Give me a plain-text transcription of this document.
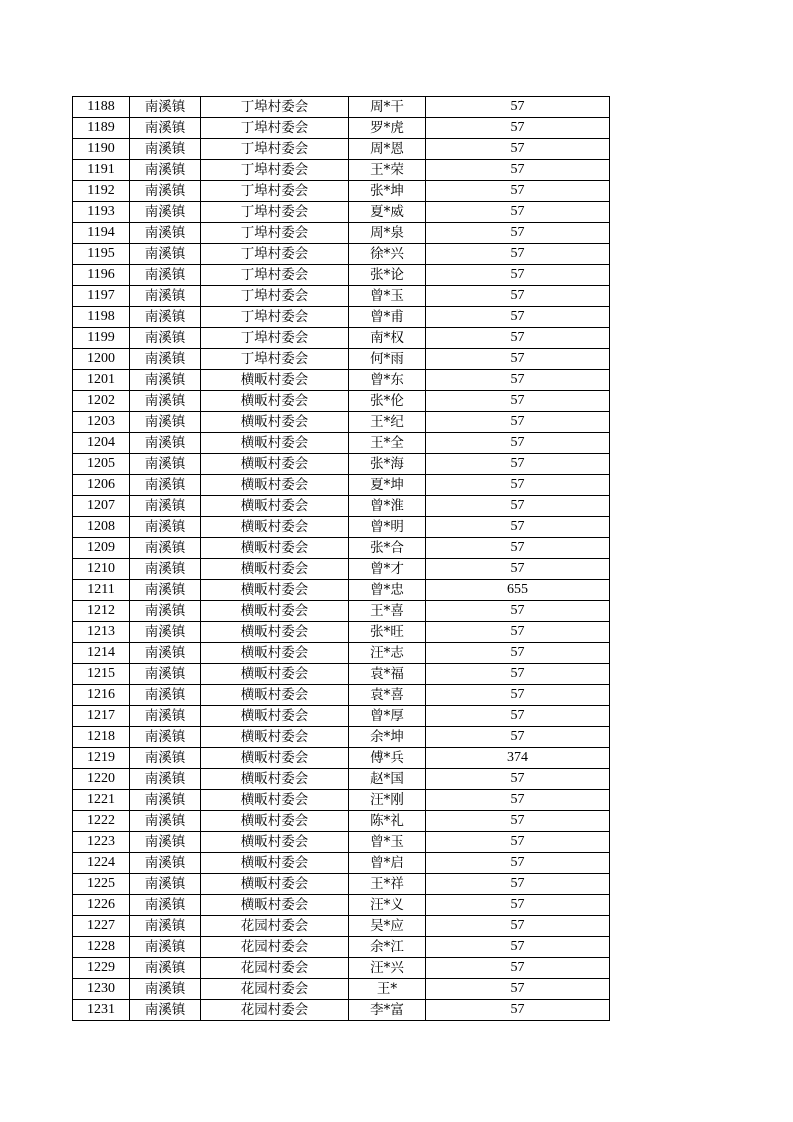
1188	南溪镇	丁埠村委会	周*干	57
1189	南溪镇	丁埠村委会	罗*虎	57
1190	南溪镇	丁埠村委会	周*恩	57
1191	南溪镇	丁埠村委会	王*荣	57
1192	南溪镇	丁埠村委会	张*坤	57
1193	南溪镇	丁埠村委会	夏*威	57
1194	南溪镇	丁埠村委会	周*泉	57
1195	南溪镇	丁埠村委会	徐*兴	57
1196	南溪镇	丁埠村委会	张*论	57
1197	南溪镇	丁埠村委会	曾*玉	57
1198	南溪镇	丁埠村委会	曾*甫	57
1199	南溪镇	丁埠村委会	南*权	57
1200	南溪镇	丁埠村委会	何*雨	57
1201	南溪镇	横畈村委会	曾*东	57
1202	南溪镇	横畈村委会	张*伦	57
1203	南溪镇	横畈村委会	王*纪	57
1204	南溪镇	横畈村委会	王*全	57
1205	南溪镇	横畈村委会	张*海	57
1206	南溪镇	横畈村委会	夏*坤	57
1207	南溪镇	横畈村委会	曾*淮	57
1208	南溪镇	横畈村委会	曾*明	57
1209	南溪镇	横畈村委会	张*合	57
1210	南溪镇	横畈村委会	曾*才	57
1211	南溪镇	横畈村委会	曾*忠	655
1212	南溪镇	横畈村委会	王*喜	57
1213	南溪镇	横畈村委会	张*旺	57
1214	南溪镇	横畈村委会	汪*志	57
1215	南溪镇	横畈村委会	袁*福	57
1216	南溪镇	横畈村委会	袁*喜	57
1217	南溪镇	横畈村委会	曾*厚	57
1218	南溪镇	横畈村委会	余*坤	57
1219	南溪镇	横畈村委会	傅*兵	374
1220	南溪镇	横畈村委会	赵*国	57
1221	南溪镇	横畈村委会	汪*刚	57
1222	南溪镇	横畈村委会	陈*礼	57
1223	南溪镇	横畈村委会	曾*玉	57
1224	南溪镇	横畈村委会	曾*启	57
1225	南溪镇	横畈村委会	王*祥	57
1226	南溪镇	横畈村委会	汪*义	57
1227	南溪镇	花园村委会	吴*应	57
1228	南溪镇	花园村委会	余*江	57
1229	南溪镇	花园村委会	汪*兴	57
1230	南溪镇	花园村委会	王*	57
1231	南溪镇	花园村委会	李*富	57
